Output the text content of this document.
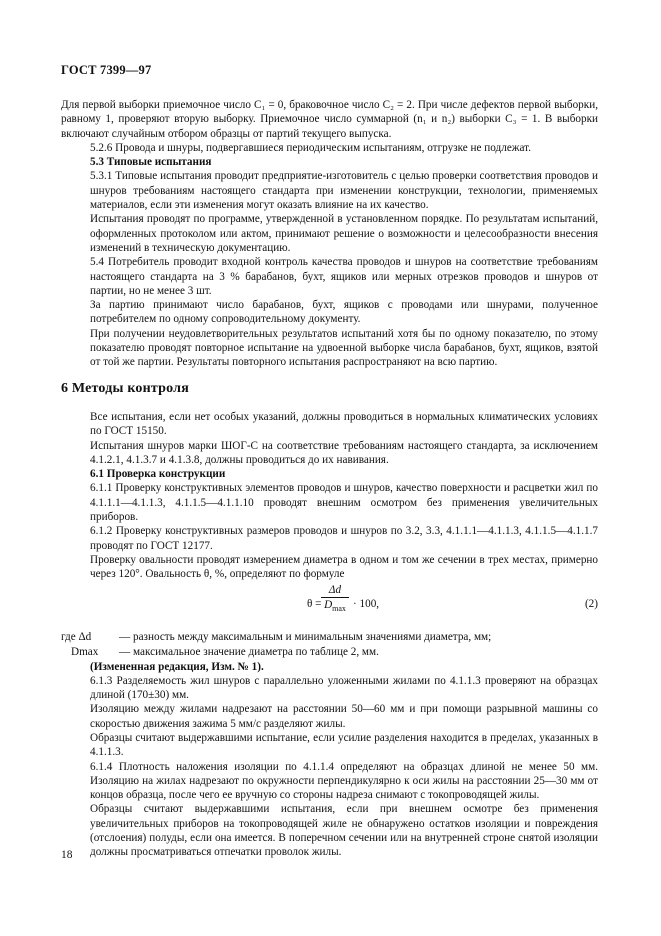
ГОСТ 7399—97

Для первой выборки приемочное число C₁ = 0, браковочное число C₂ = 2. При числе дефектов первой выборки, равному 1, проверяют вторую выборку. Приемочное число суммарной (n₁ и n₂) выборки C₃ = 1. В выборки включают случайным отбором образцы от партий текущего выпуска.

5.2.6 Провода и шнуры, подвергавшиеся периодическим испытаниям, отгрузке не подлежат.

5.3 Типовые испытания

5.3.1 Типовые испытания проводит предприятие-изготовитель с целью проверки соответствия проводов и шнуров требованиям настоящего стандарта при изменении конструкции, технологии, применяемых материалов, если эти изменения могут оказать влияние на их качество.

Испытания проводят по программе, утвержденной в установленном порядке. По результатам испытаний, оформленных протоколом или актом, принимают решение о возможности и целесообразности внесения изменений в техническую документацию.

5.4 Потребитель проводит входной контроль качества проводов и шнуров на соответствие требованиям настоящего стандарта на 3 % барабанов, бухт, ящиков или мерных отрезков проводов и шнуров от партии, но не менее 3 шт.

За партию принимают число барабанов, бухт, ящиков с проводами или шнурами, полученное потребителем по одному сопроводительному документу.

При получении неудовлетворительных результатов испытаний хотя бы по одному показателю, по этому показателю проводят повторное испытание на удвоенной выборке числа барабанов, бухт, ящиков, взятой от той же партии. Результаты повторного испытания распространяют на всю партию.

6 Методы контроля

Все испытания, если нет особых указаний, должны проводиться в нормальных климатических условиях по ГОСТ 15150.

Испытания шнуров марки ШОГ-С на соответствие требованиям настоящего стандарта, за исключением 4.1.2.1, 4.1.3.7 и 4.1.3.8, должны проводиться до их навивания.

6.1 Проверка конструкции

6.1.1 Проверку конструктивных элементов проводов и шнуров, качество поверхности и расцветки жил по 4.1.1.1—4.1.1.3, 4.1.1.5—4.1.1.10 проводят внешним осмотром без применения увеличительных приборов.

6.1.2 Проверку конструктивных размеров проводов и шнуров по 3.2, 3.3, 4.1.1.1—4.1.1.3, 4.1.1.5—4.1.1.7 проводят по ГОСТ 12177.

Проверку овальности проводят измерением диаметра в одном и том же сечении в трех местах, примерно через 120°. Овальность θ, %, определяют по формуле

θ =
Δd
$D_{max} \cdot 100$,	(2)
где Δd	— разность между максимальным и минимальным значениями диаметра, мм;
Dmax	— максимальное значение диаметра по таблице 2, мм.

(Измененная редакция, Изм. № 1).

6.1.3 Разделяемость жил шнуров с параллельно уложенными жилами по 4.1.1.3 проверяют на образцах длиной (170±30) мм.

Изоляцию между жилами надрезают на расстоянии 50—60 мм и при помощи разрывной машины со скоростью движения зажима 5 мм/с разделяют жилы.

Образцы считают выдержавшими испытание, если усилие разделения находится в пределах, указанных в 4.1.1.3.

6.1.4 Плотность наложения изоляции по 4.1.1.4 определяют на образцах длиной не менее 50 мм. Изоляцию на жилах надрезают по окружности перпендикулярно к оси жилы на расстоянии 25—30 мм от концов образца, после чего ее вручную со стороны надреза снимают с токопроводящей жилы.

Образцы считают выдержавшими испытания, если при внешнем осмотре без применения увеличительных приборов на токопроводящей жиле не обнаружено остатков изоляции и повреждения (отслоения) полуды, если она имеется. В поперечном сечении или на внутренней строне снятой изоляции должны просматриваться отпечатки проволок жилы.

18
